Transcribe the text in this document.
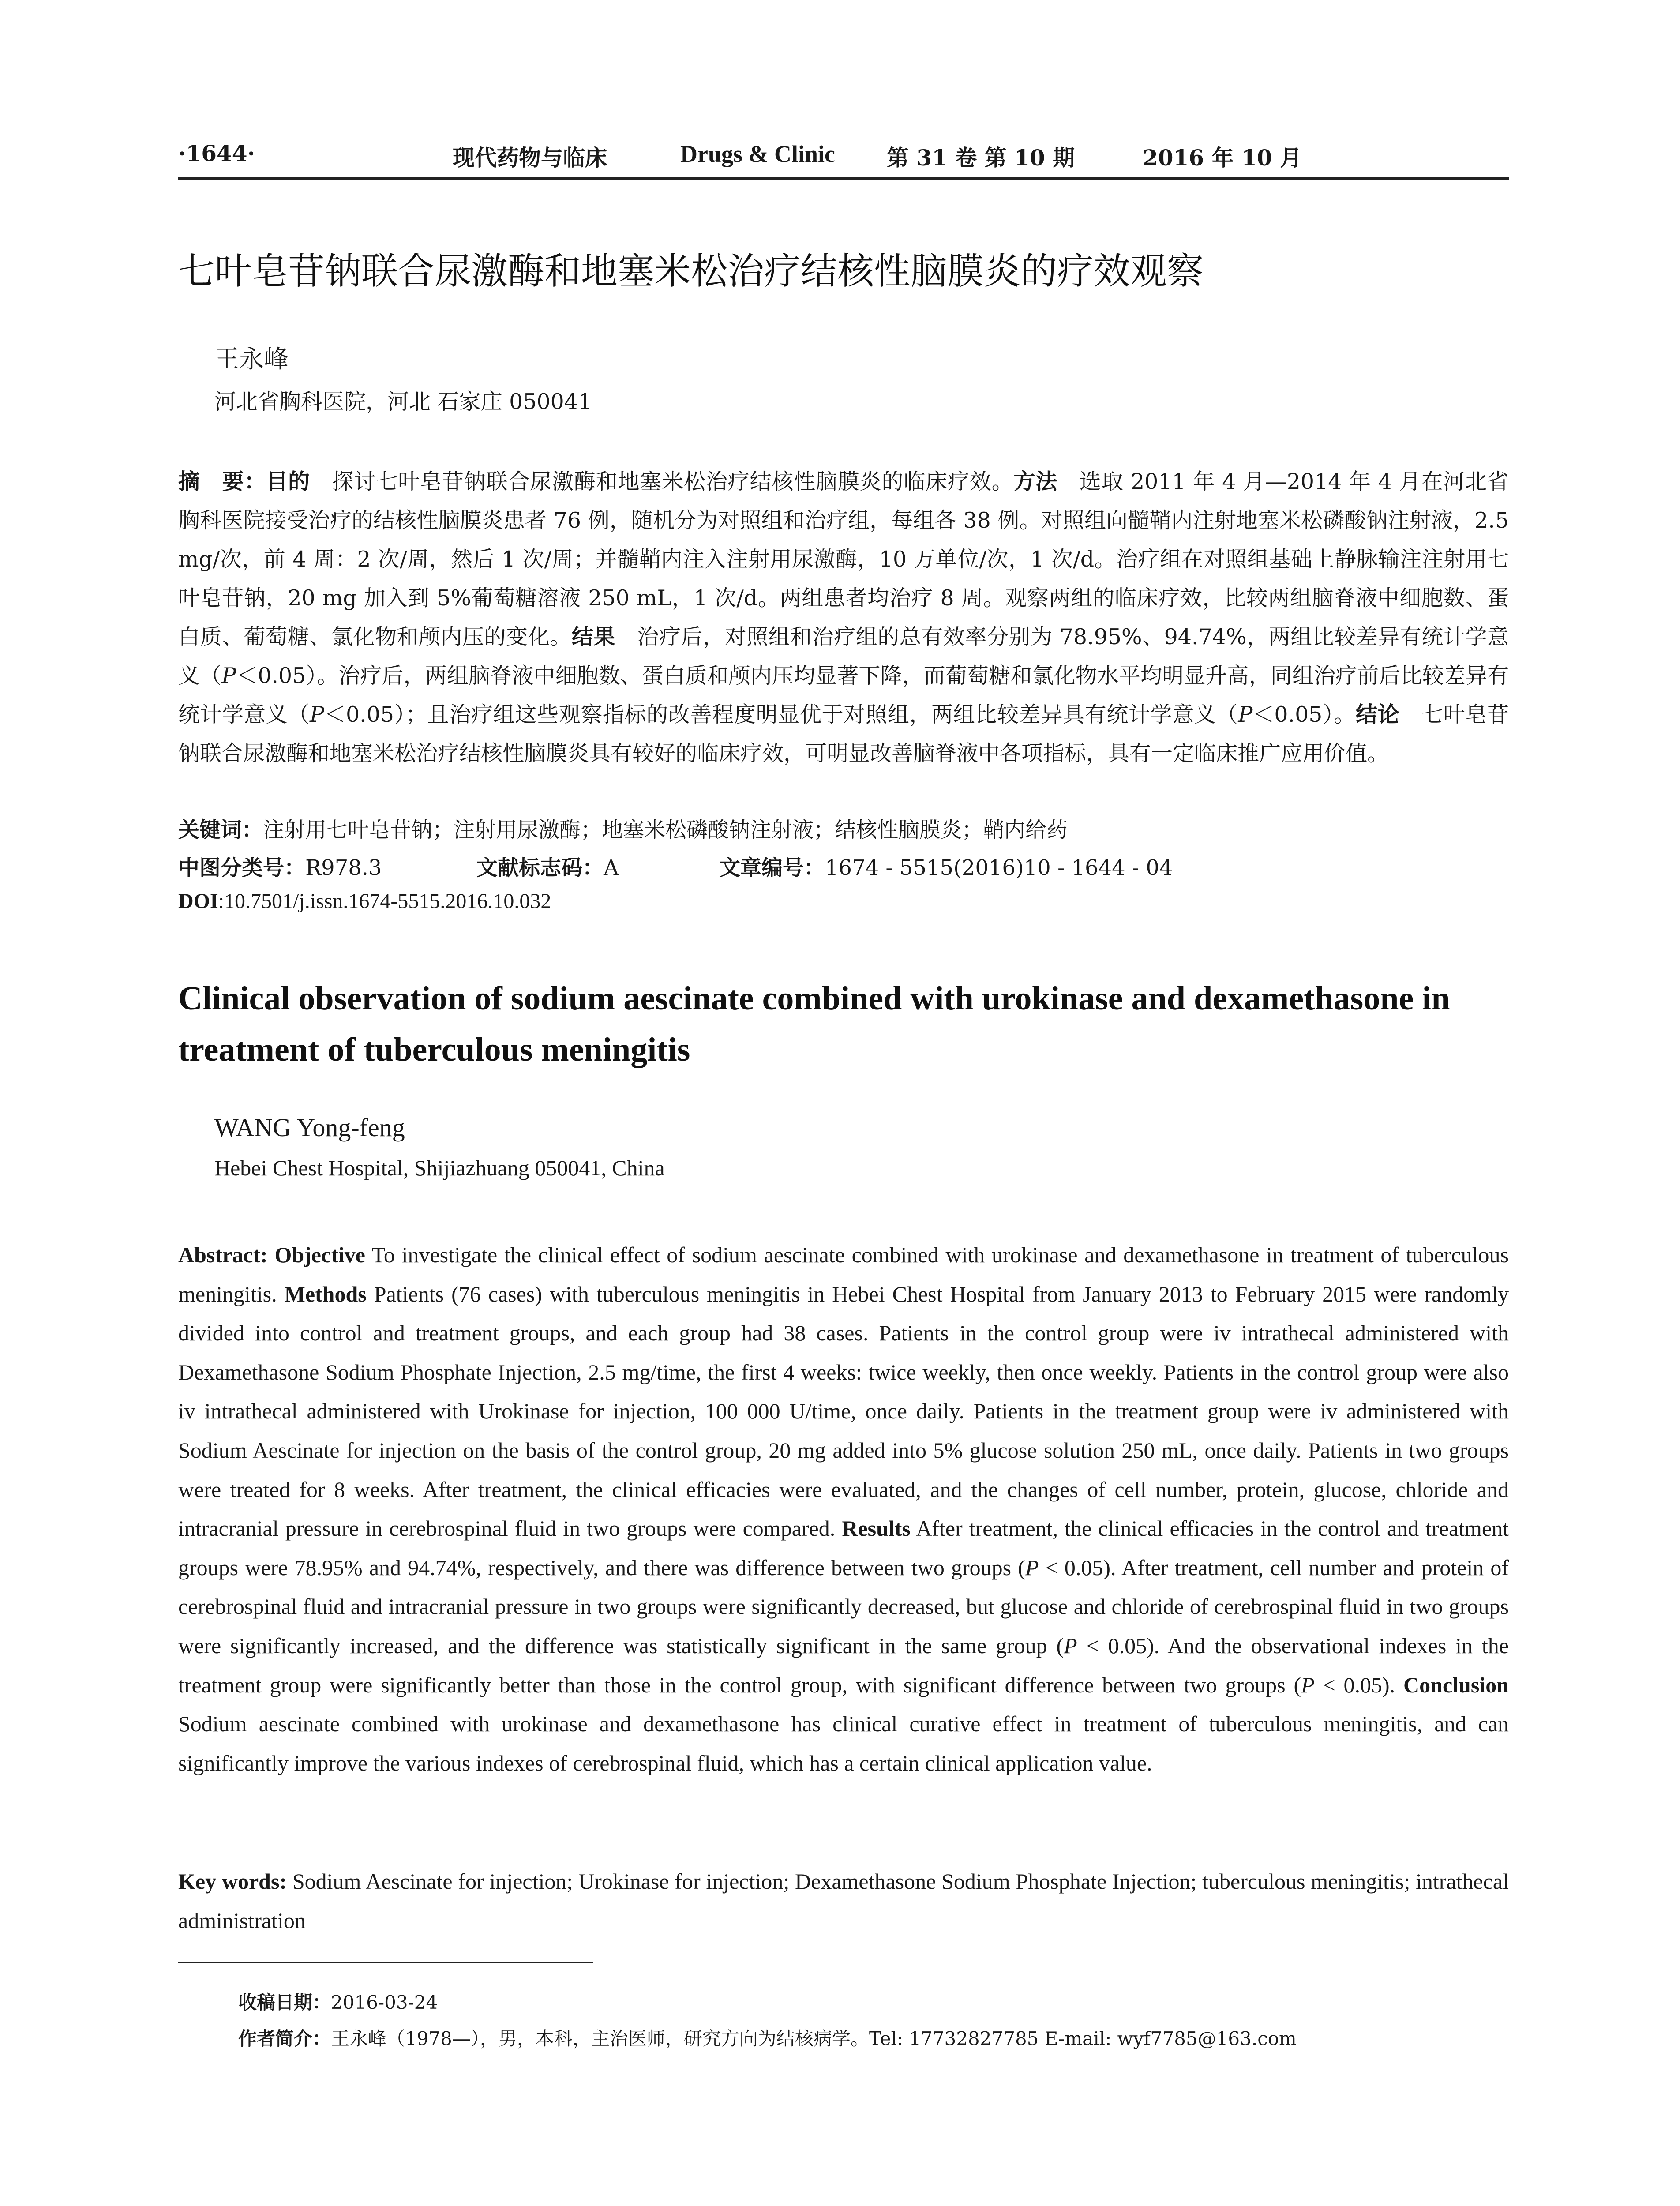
·1644·	现代药物与临床	Drugs & Clinic 第 31 卷 第 10 期	2016 年 10 月
七叶皂苷钠联合尿激酶和地塞米松治疗结核性脑膜炎的疗效观察
王永峰
河北省胸科医院，河北 石家庄 050041
摘　要：目的　探讨七叶皂苷钠联合尿激酶和地塞米松治疗结核性脑膜炎的临床疗效。方法　选取 2011 年 4 月—2014 年 4 月在河北省胸科医院接受治疗的结核性脑膜炎患者 76 例，随机分为对照组和治疗组，每组各 38 例。对照组向髓鞘内注射地塞米松磷酸钠注射液，2.5 mg/次，前 4 周：2 次/周，然后 1 次/周；并髓鞘内注入注射用尿激酶，10 万单位/次，1 次/d。治疗组在对照组基础上静脉输注注射用七叶皂苷钠，20 mg 加入到 5%葡萄糖溶液 250 mL，1 次/d。两组患者均治疗 8 周。观察两组的临床疗效，比较两组脑脊液中细胞数、蛋白质、葡萄糖、氯化物和颅内压的变化。结果　治疗后，对照组和治疗组的总有效率分别为 78.95%、94.74%，两组比较差异有统计学意义（P＜0.05）。治疗后，两组脑脊液中细胞数、蛋白质和颅内压均显著下降，而葡萄糖和氯化物水平均明显升高，同组治疗前后比较差异有统计学意义（P＜0.05）；且治疗组这些观察指标的改善程度明显优于对照组，两组比较差异具有统计学意义（P＜0.05）。结论　七叶皂苷钠联合尿激酶和地塞米松治疗结核性脑膜炎具有较好的临床疗效，可明显改善脑脊液中各项指标，具有一定临床推广应用价值。
关键词：注射用七叶皂苷钠；注射用尿激酶；地塞米松磷酸钠注射液；结核性脑膜炎；鞘内给药
中图分类号：R978.3	文献标志码：A	文章编号：1674 - 5515(2016)10 - 1644 - 04
DOI:10.7501/j.issn.1674-5515.2016.10.032
Clinical observation of sodium aescinate combined with urokinase and dexamethasone in treatment of tuberculous meningitis
WANG Yong-feng
Hebei Chest Hospital, Shijiazhuang 050041, China
Abstract: Objective To investigate the clinical effect of sodium aescinate combined with urokinase and dexamethasone in treatment of tuberculous meningitis. Methods Patients (76 cases) with tuberculous meningitis in Hebei Chest Hospital from January 2013 to February 2015 were randomly divided into control and treatment groups, and each group had 38 cases. Patients in the control group were iv intrathecal administered with Dexamethasone Sodium Phosphate Injection, 2.5 mg/time, the first 4 weeks: twice weekly, then once weekly. Patients in the control group were also iv intrathecal administered with Urokinase for injection, 100 000 U/time, once daily. Patients in the treatment group were iv administered with Sodium Aescinate for injection on the basis of the control group, 20 mg added into 5% glucose solution 250 mL, once daily. Patients in two groups were treated for 8 weeks. After treatment, the clinical efficacies were evaluated, and the changes of cell number, protein, glucose, chloride and intracranial pressure in cerebrospinal fluid in two groups were compared. Results After treatment, the clinical efficacies in the control and treatment groups were 78.95% and 94.74%, respectively, and there was difference between two groups (P < 0.05). After treatment, cell number and protein of cerebrospinal fluid and intracranial pressure in two groups were significantly decreased, but glucose and chloride of cerebrospinal fluid in two groups were significantly increased, and the difference was statistically significant in the same group (P < 0.05). And the observational indexes in the treatment group were significantly better than those in the control group, with significant difference between two groups (P < 0.05). Conclusion Sodium aescinate combined with urokinase and dexamethasone has clinical curative effect in treatment of tuberculous meningitis, and can significantly improve the various indexes of cerebrospinal fluid, which has a certain clinical application value.
Key words: Sodium Aescinate for injection; Urokinase for injection; Dexamethasone Sodium Phosphate Injection; tuberculous meningitis; intrathecal administration
收稿日期：2016-03-24
作者简介：王永峰（1978—），男，本科，主治医师，研究方向为结核病学。Tel: 17732827785 E-mail: wyf7785@163.com
